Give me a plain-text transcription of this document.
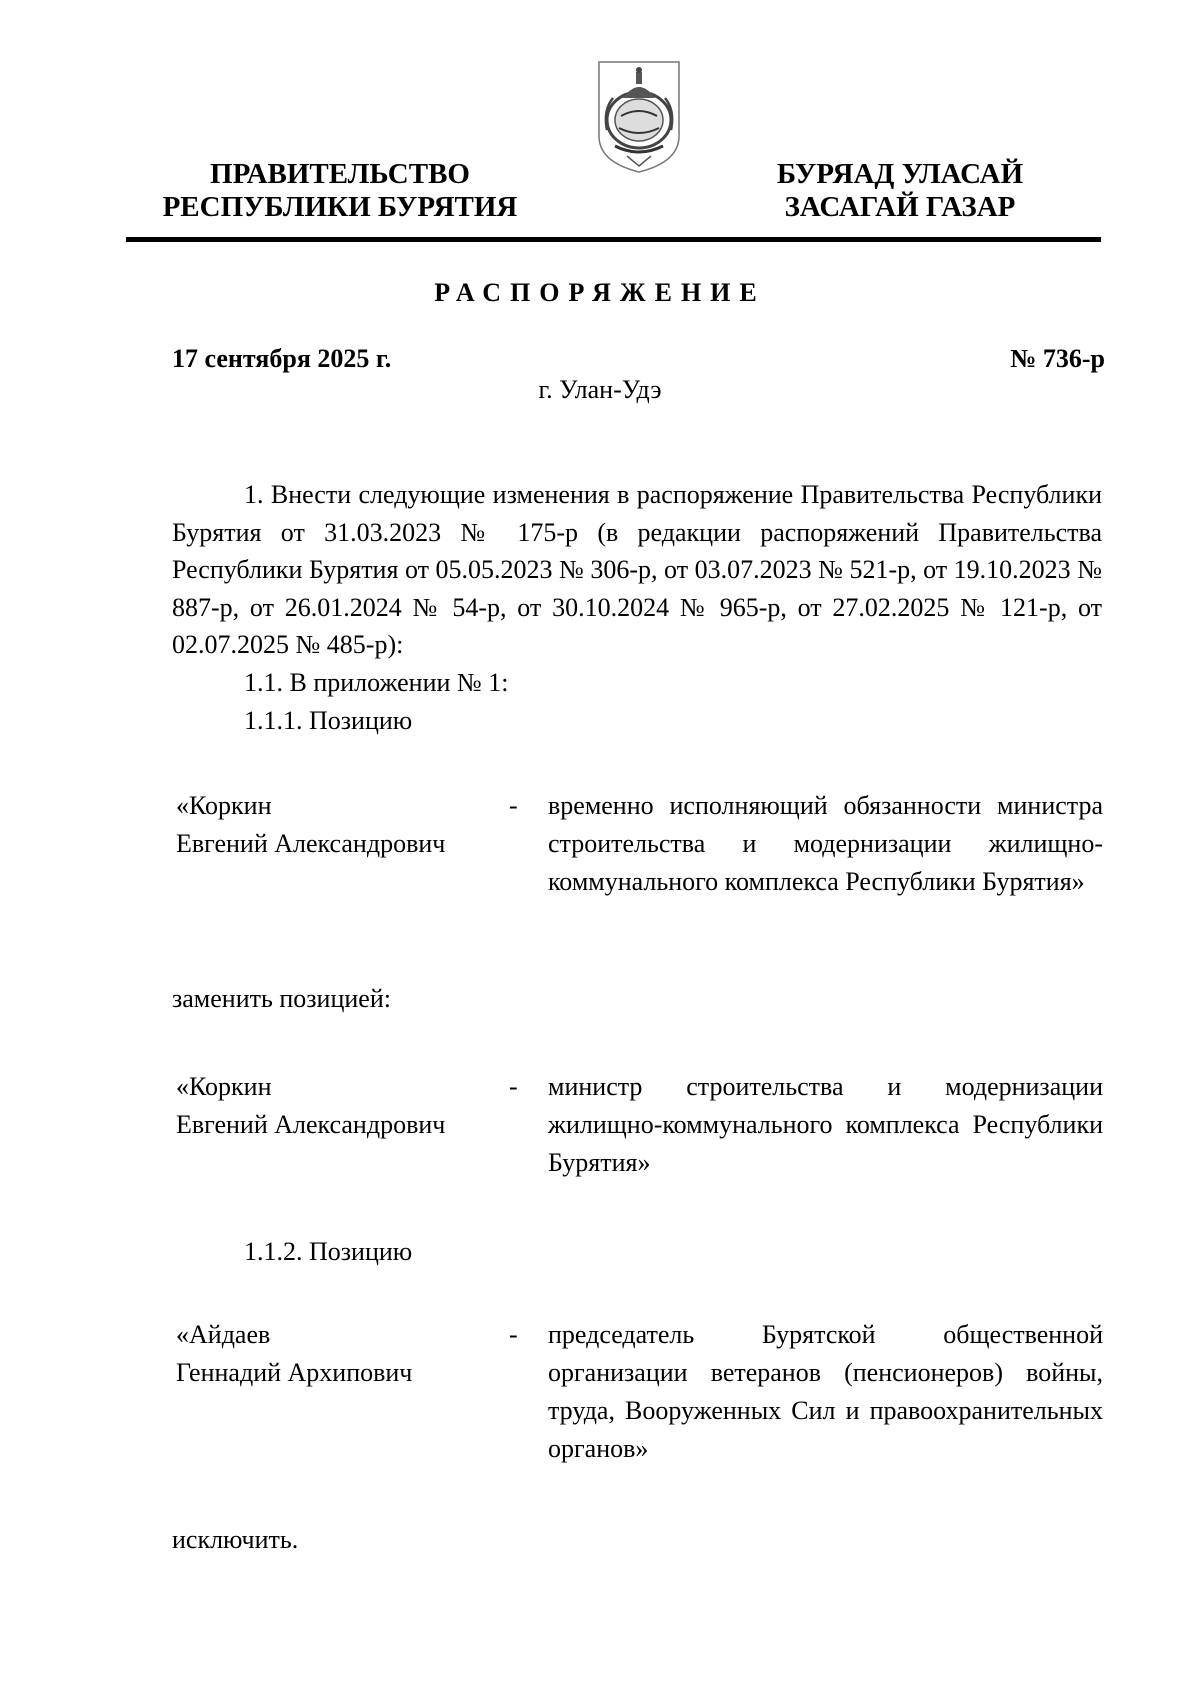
ПРАВИТЕЛЬСТВО
РЕСПУБЛИКИ БУРЯТИЯ
БУРЯАД УЛАСАЙ
ЗАСАГАЙ ГАЗАР
РАСПОРЯЖЕНИЕ
17 сентября 2025 г.	№ 736-р
г. Улан-Удэ
1. Внести следующие изменения в распоряжение Правительства Республики Бурятия от 31.03.2023 № 175-р (в редакции распоряжений Правительства Республики Бурятия от 05.05.2023 № 306-р, от 03.07.2023 № 521-р, от 19.10.2023 № 887-р, от 26.01.2024 № 54-р, от 30.10.2024 № 965-р, от 27.02.2025 № 121-р, от 02.07.2025 № 485-р):
1.1. В приложении № 1:
1.1.1. Позицию
«Коркин
Евгений Александрович
- временно исполняющий обязанности министра строительства и модернизации жилищно-коммунального комплекса Республики Бурятия»
заменить позицией:
«Коркин
Евгений Александрович
- министр строительства и модернизации жилищно-коммунального комплекса Республики Бурятия»
1.1.2. Позицию
«Айдаев
Геннадий Архипович
- председатель Бурятской общественной организации ветеранов (пенсионеров) войны, труда, Вооруженных Сил и правоохранительных органов»
исключить.
